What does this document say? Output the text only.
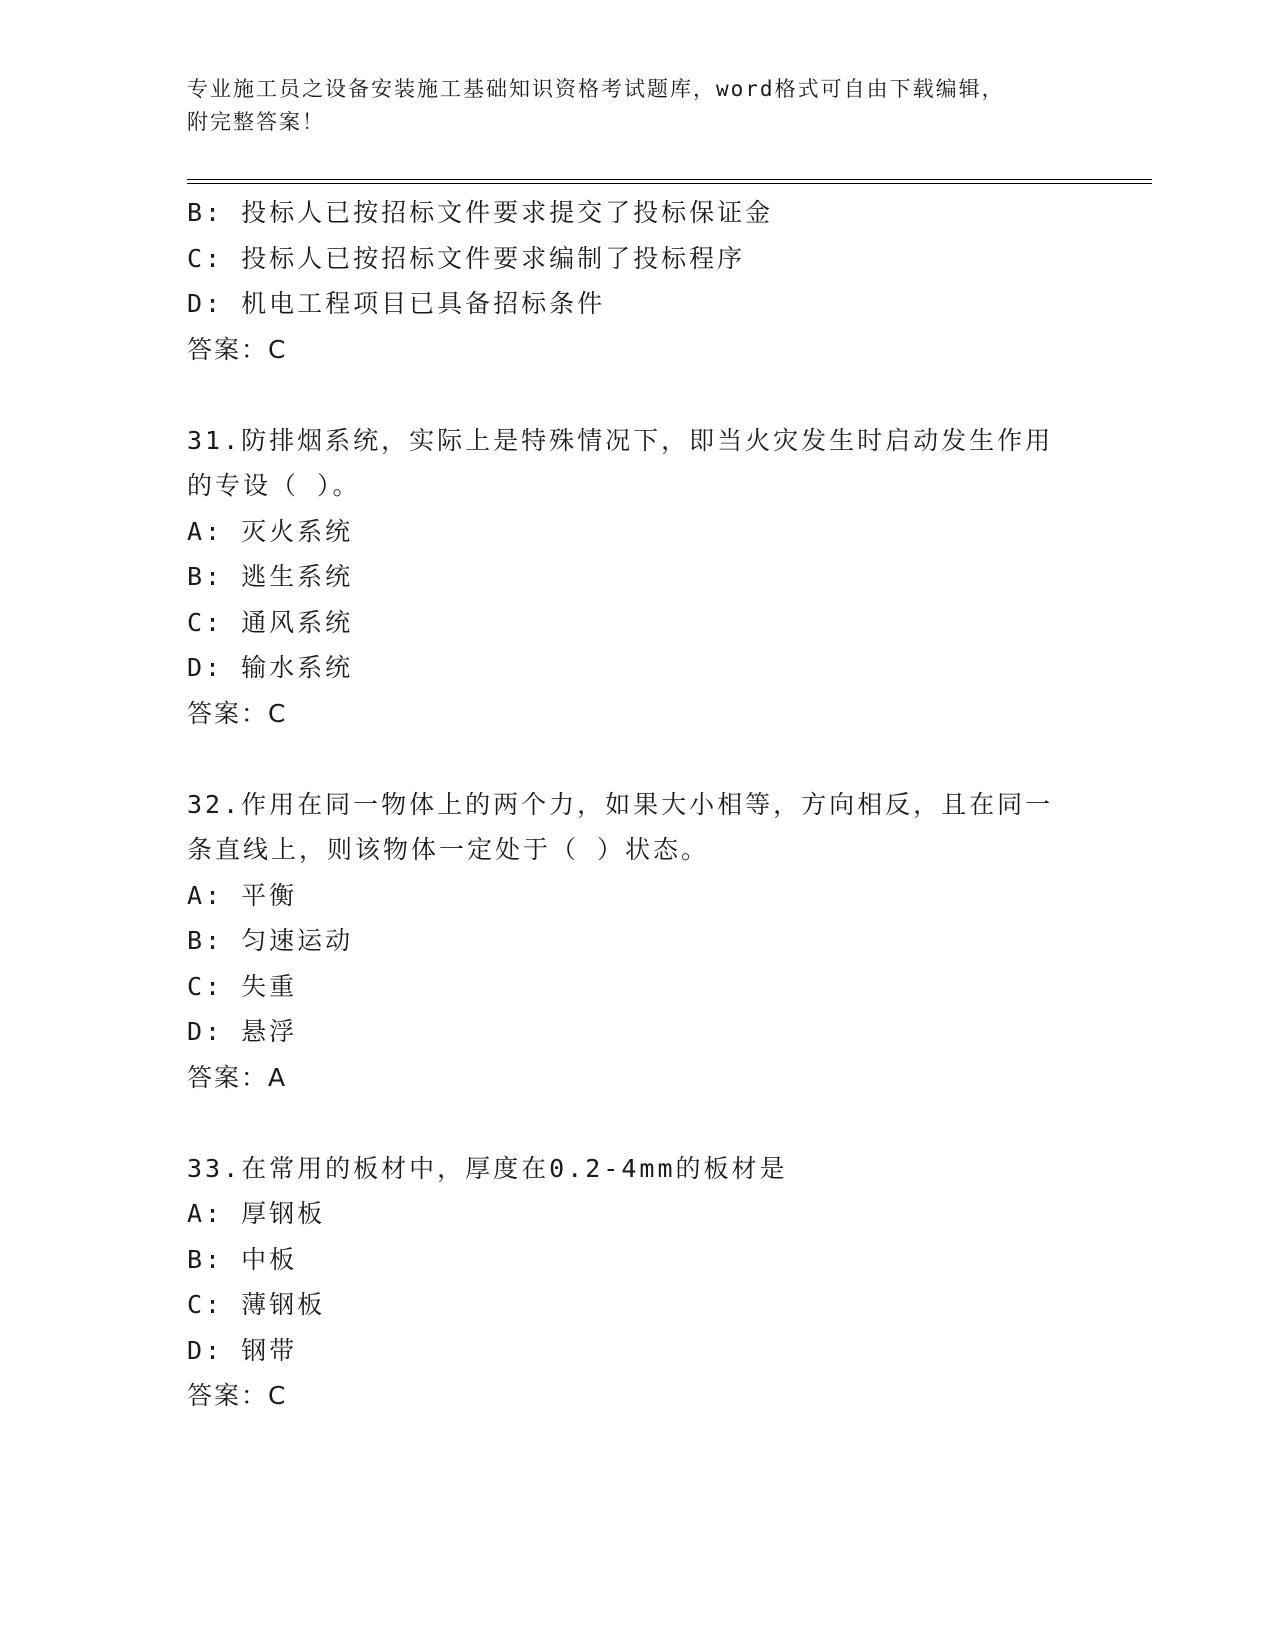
专业施工员之设备安装施工基础知识资格考试题库，word格式可自由下载编辑，
附完整答案！
B: 投标人已按招标文件要求提交了投标保证金
C: 投标人已按招标文件要求编制了投标程序
D: 机电工程项目已具备招标条件
答案：C
31.防排烟系统，实际上是特殊情况下，即当火灾发生时启动发生作用
的专设（ ）。
A: 灭火系统
B: 逃生系统
C: 通风系统
D: 输水系统
答案：C
32.作用在同一物体上的两个力，如果大小相等，方向相反，且在同一
条直线上，则该物体一定处于（ ）状态。
A: 平衡
B: 匀速运动
C: 失重
D: 悬浮
答案：A
33.在常用的板材中，厚度在0.2-4mm的板材是
A: 厚钢板
B: 中板
C: 薄钢板
D: 钢带
答案：C
